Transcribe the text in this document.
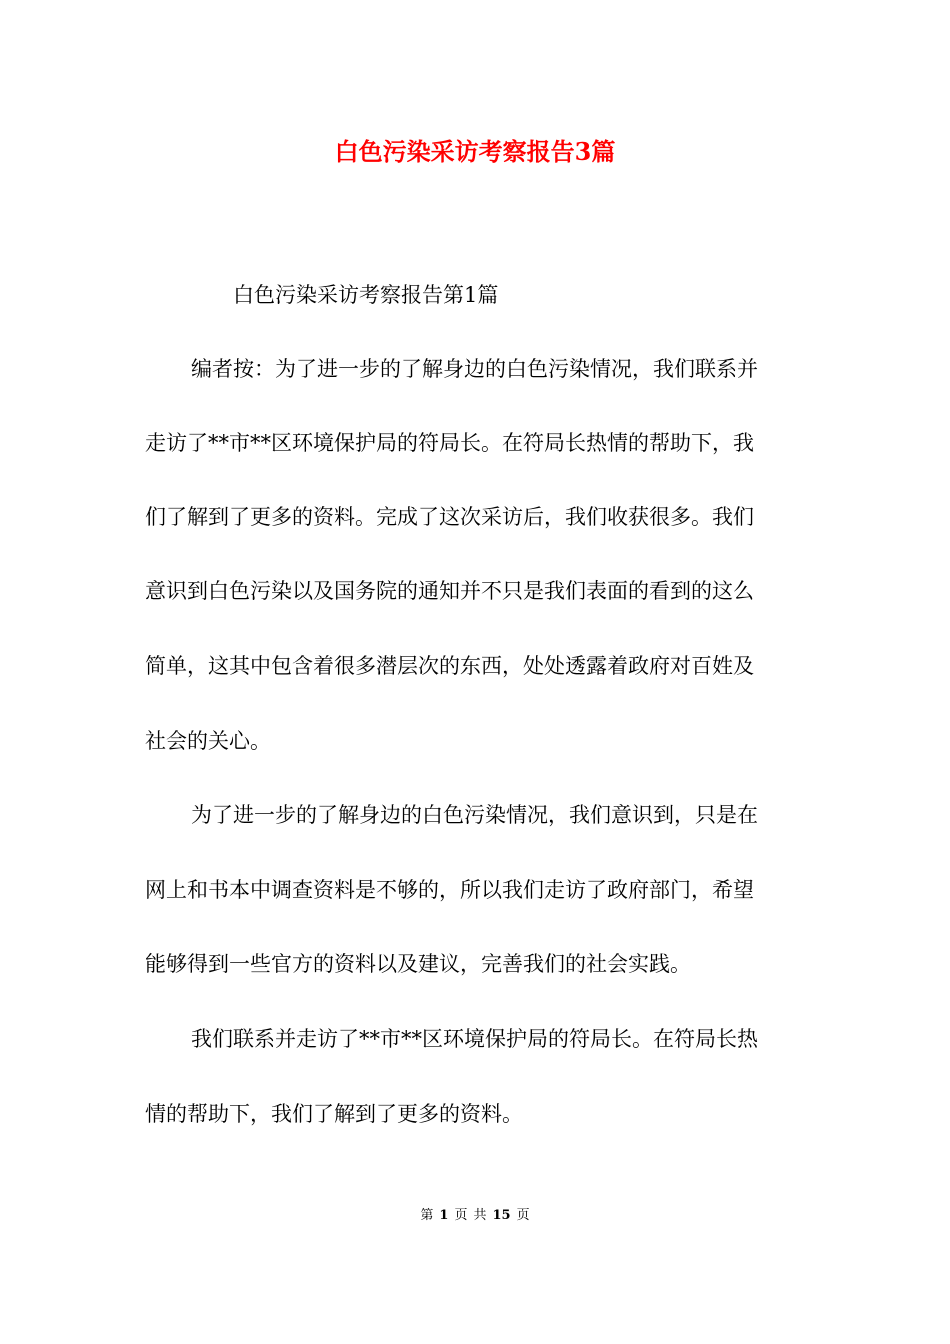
白色污染采访考察报告3篇
白色污染采访考察报告第1篇
编者按：为了进一步的了解身边的白色污染情况，我们联系并
走访了**市**区环境保护局的符局长。在符局长热情的帮助下，我
们了解到了更多的资料。完成了这次采访后，我们收获很多。我们
意识到白色污染以及国务院的通知并不只是我们表面的看到的这么
简单，这其中包含着很多潜层次的东西，处处透露着政府对百姓及
社会的关心。
为了进一步的了解身边的白色污染情况，我们意识到，只是在
网上和书本中调查资料是不够的，所以我们走访了政府部门，希望
能够得到一些官方的资料以及建议，完善我们的社会实践。
我们联系并走访了**市**区环境保护局的符局长。在符局长热
情的帮助下，我们了解到了更多的资料。
第 1 页 共 15 页
